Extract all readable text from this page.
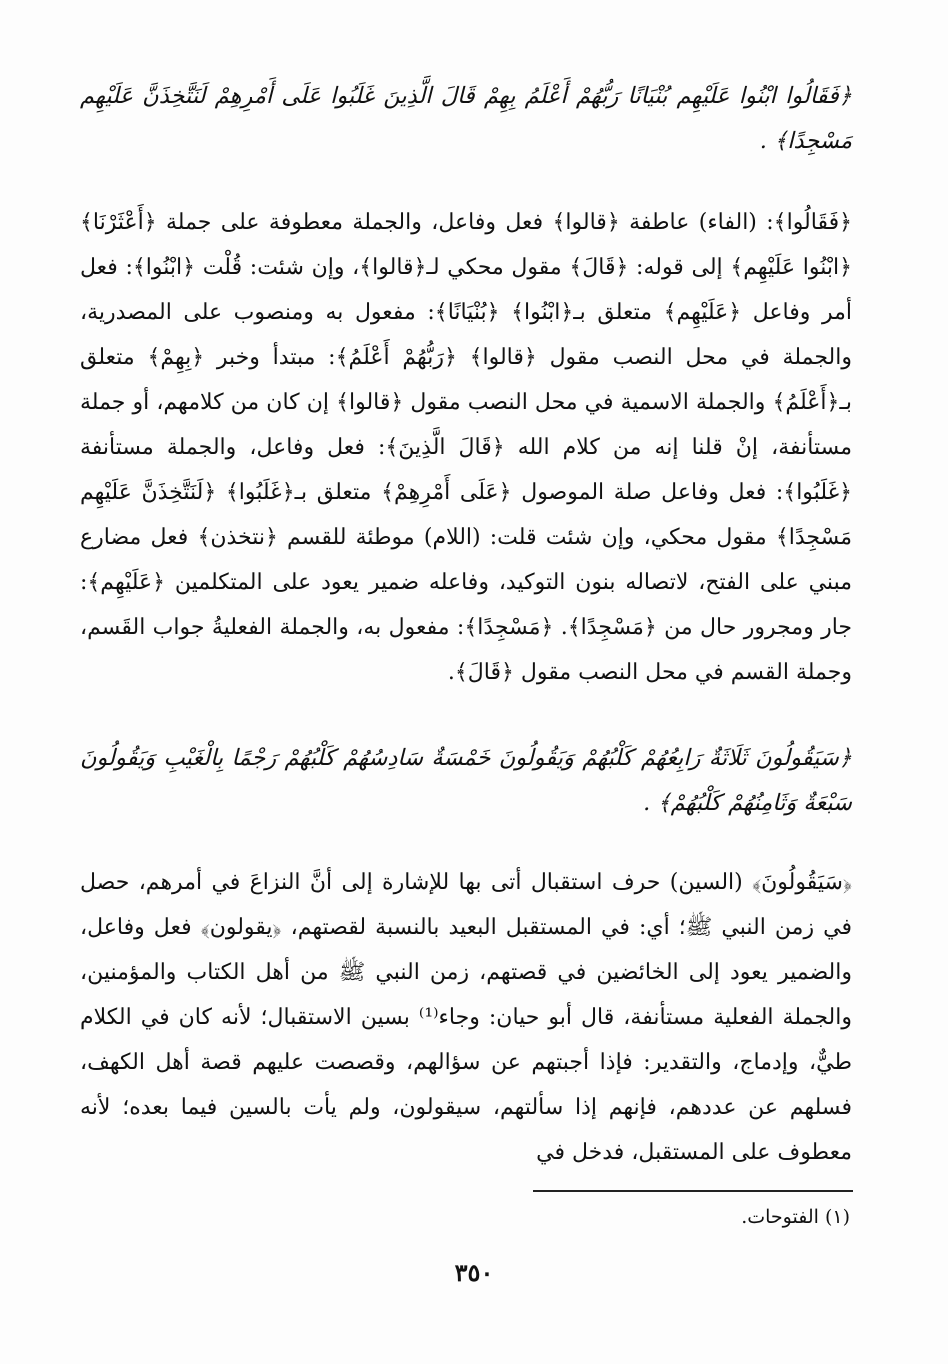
﴿فَقَالُوا ابْنُوا عَلَيْهِم بُنْيَانًا رَبُّهُمْ أَعْلَمُ بِهِمْ قَالَ الَّذِينَ غَلَبُوا عَلَى أَمْرِهِمْ لَنَتَّخِذَنَّ عَلَيْهِم مَسْجِدًا﴾ .
﴿فَقَالُوا﴾: (الفاء) عاطفة ﴿قالوا﴾ فعل وفاعل، والجملة معطوفة على جملة ﴿أَعْثَرْنَا﴾ ﴿ابْنُوا عَلَيْهِم﴾ إلى قوله: ﴿قَالَ﴾ مقول محكي لـ﴿قالوا﴾، وإن شئت: قُلْت ﴿ابْنُوا﴾: فعل أمر وفاعل ﴿عَلَيْهِم﴾ متعلق بـ﴿ابْنُوا﴾ ﴿بُنْيَانًا﴾: مفعول به ومنصوب على المصدرية، والجملة في محل النصب مقول ﴿قالوا﴾ ﴿رَبُّهُمْ أَعْلَمُ﴾: مبتدأ وخبر ﴿بِهِمْ﴾ متعلق بـ﴿أَعْلَمُ﴾ والجملة الاسمية في محل النصب مقول ﴿قالوا﴾ إن كان من كلامهم، أو جملة مستأنفة، إنْ قلنا إنه من كلام الله ﴿قَالَ الَّذِينَ﴾: فعل وفاعل، والجملة مستأنفة ﴿غَلَبُوا﴾: فعل وفاعل صلة الموصول ﴿عَلَى أَمْرِهِمْ﴾ متعلق بـ﴿غَلَبُوا﴾ ﴿لَنَتَّخِذَنَّ عَلَيْهِم مَسْجِدًا﴾ مقول محكي، وإن شئت قلت: (اللام) موطئة للقسم ﴿نتخذن﴾ فعل مضارع مبني على الفتح، لاتصاله بنون التوكيد، وفاعله ضمير يعود على المتكلمين ﴿عَلَيْهِم﴾: جار ومجرور حال من ﴿مَسْجِدًا﴾. ﴿مَسْجِدًا﴾: مفعول به، والجملة الفعليةُ جواب القَسم، وجملة القسم في محل النصب مقول ﴿قَالَ﴾.
﴿سَيَقُولُونَ ثَلَاثَةٌ رَابِعُهُمْ كَلْبُهُمْ وَيَقُولُونَ خَمْسَةٌ سَادِسُهُمْ كَلْبُهُمْ رَجْمًا بِالْغَيْبِ وَيَقُولُونَ سَبْعَةٌ وَثَامِنُهُمْ كَلْبُهُمْ﴾ .
﴿سَيَقُولُونَ﴾ (السين) حرف استقبال أتى بها للإشارة إلى أنَّ النزاعَ في أمرهم، حصل في زمن النبي ﷺ؛ أي: في المستقبل البعيد بالنسبة لقصتهم، ﴿يقولون﴾ فعل وفاعل، والضمير يعود إلى الخائضين في قصتهم، زمن النبي ﷺ من أهل الكتاب والمؤمنين، والجملة الفعلية مستأنفة، قال أبو حيان: وجاء⁽¹⁾ بسين الاستقبال؛ لأنه كان في الكلام طيٌّ، وإدماج، والتقدير: فإذا أجبتهم عن سؤالهم، وقصصت عليهم قصة أهل الكهف، فسلهم عن عددهم، فإنهم إذا سألتهم، سيقولون، ولم يأت بالسين فيما بعده؛ لأنه معطوف على المستقبل، فدخل في
(١) الفتوحات.
٣٥٠
